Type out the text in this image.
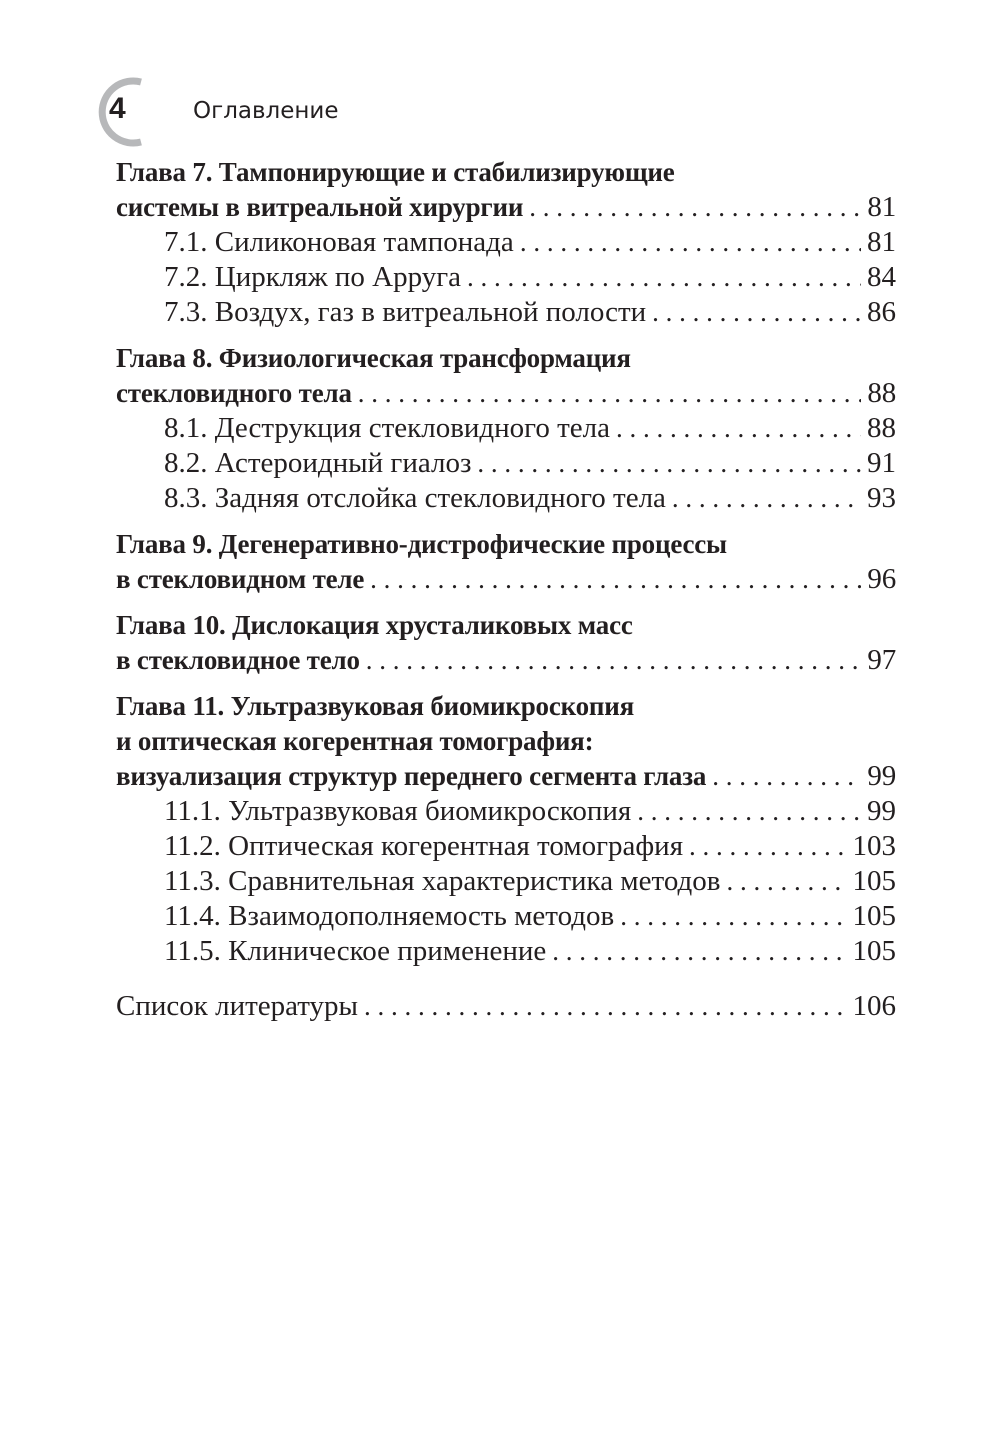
4	Оглавление
Глава 7. Тампонирующие и стабилизирующие
системы в витреальной хирургии . . .	81
7.1. Силиконовая тампонада . . .	81
7.2. Циркляж по Арруга . . .	84
7.3. Воздух, газ в витреальной полости . . .	86
Глава 8. Физиологическая трансформация
стекловидного тела . . .	88
8.1. Деструкция стекловидного тела . . .	88
8.2. Астероидный гиалоз . . .	91
8.3. Задняя отслойка стекловидного тела . . .	93
Глава 9. Дегенеративно-дистрофические процессы
в стекловидном теле . . .	96
Глава 10. Дислокация хрусталиковых масс
в стекловидное тело . . .	97
Глава 11. Ультразвуковая биомикроскопия
и оптическая когерентная томография:
визуализация структур переднего сегмента глаза . . .	99
11.1. Ультразвуковая биомикроскопия . . .	99
11.2. Оптическая когерентная томография . . .	103
11.3. Сравнительная характеристика методов . . .	105
11.4. Взаимодополняемость методов . . .	105
11.5. Клиническое применение . . .	105
Список литературы . . .	106
